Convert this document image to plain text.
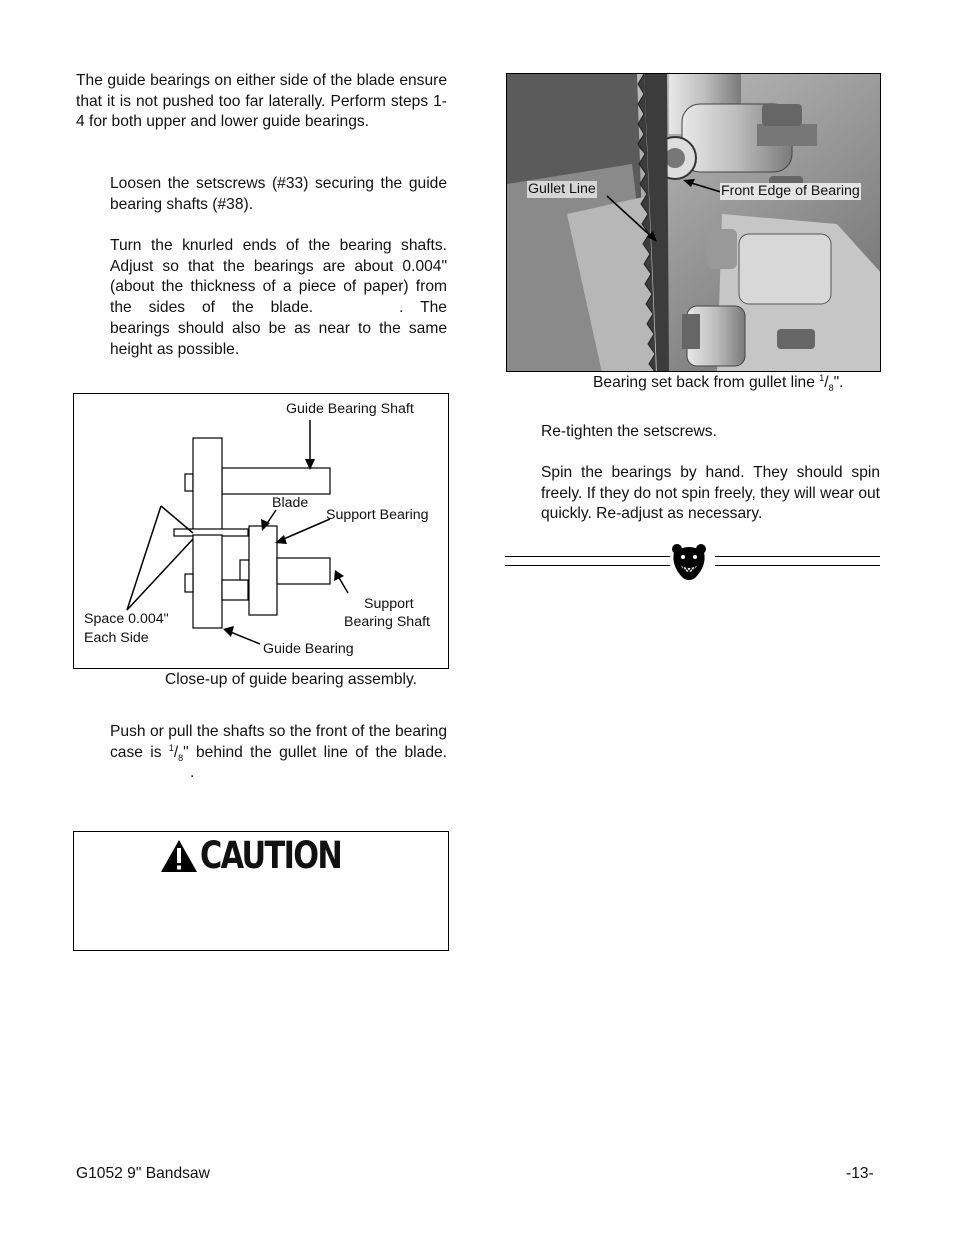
The guide bearings on either side of the blade ensure that it is not pushed too far laterally. Perform steps 1-4 for both upper and lower guide bearings.

Loosen the setscrews (#33) securing the guide bearing shafts (#38).

Turn the knurled ends of the bearing shafts. Adjust so that the bearings are about 0.004" (about the thickness of a piece of paper) from the sides of the blade.	. The bearings should also be as near to the same height as possible.

Guide Bearing Shaft
Blade
Support Bearing
Support
Bearing Shaft
Space 0.004"
Each Side
Guide Bearing

Close-up of guide bearing assembly.

Push or pull the shafts so the front of the bearing case is $^1/_8$" behind the gullet line of the blade..

CAUTION
Gullet Line	Front Edge of Bearing

Bearing set back from gullet line $^1/_8$".

Re-tighten the setscrews.

Spin the bearings by hand. They should spin freely. If they do not spin freely, they will wear out quickly. Re-adjust as necessary.

G1052 9" Bandsaw	-13-
